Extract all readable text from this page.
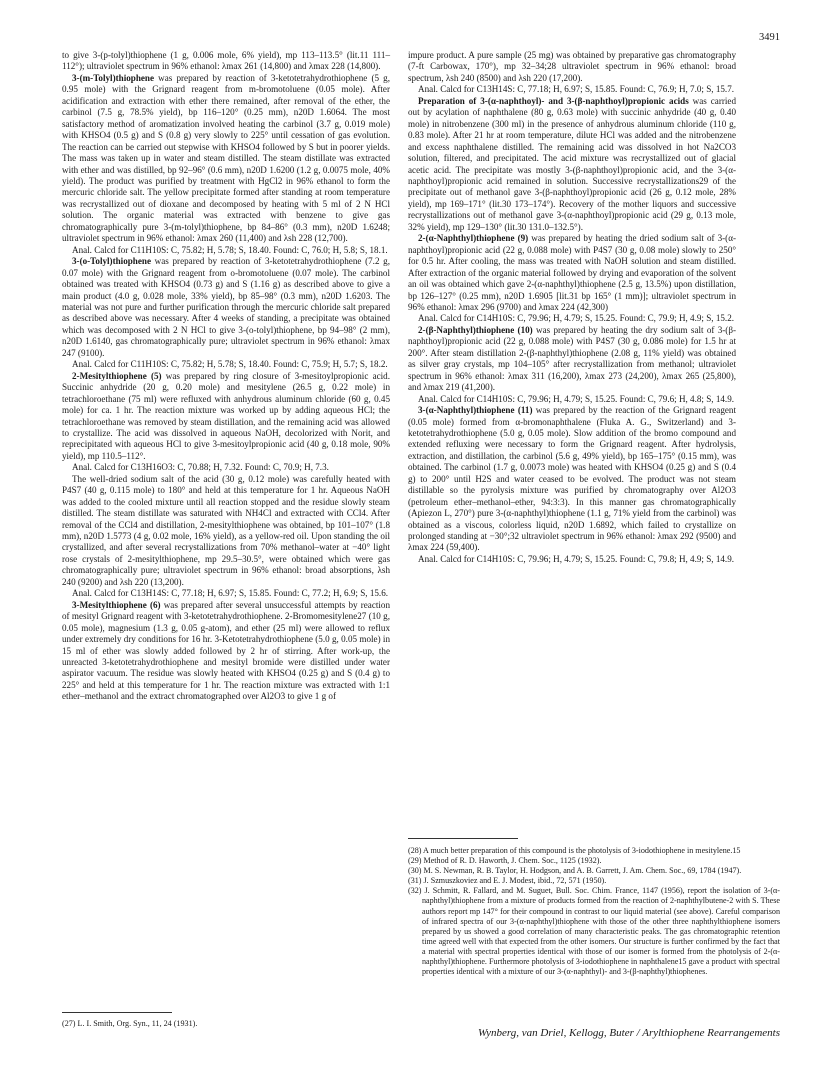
3491

to give 3-(p-tolyl)thiophene (1 g, 0.006 mole, 6% yield), mp 113–113.5° (lit.11 111–112°); ultraviolet spectrum in 96% ethanol: λmax 261 (14,800) and λmax 228 (14,800).

3-(m-Tolyl)thiophene was prepared by reaction of 3-ketotetrahydrothiophene (5 g, 0.95 mole) with the Grignard reagent from m-bromotoluene (0.05 mole). After acidification and extraction with ether there remained, after removal of the ether, the carbinol (7.5 g, 78.5% yield), bp 116–120° (0.25 mm), n20D 1.6064. The most satisfactory method of aromatization involved heating the carbinol (3.7 g, 0.019 mole) with KHSO4 (0.5 g) and S (0.8 g) very slowly to 225° until cessation of gas evolution. The reaction can be carried out stepwise with KHSO4 followed by S but in poorer yields. The mass was taken up in water and steam distilled. The steam distillate was extracted with ether and was distilled, bp 92–96° (0.6 mm), n20D 1.6200 (1.2 g, 0.0075 mole, 40% yield). The product was purified by treatment with HgCl2 in 96% ethanol to form the mercuric chloride salt. The yellow precipitate formed after standing at room temperature was recrystallized out of dioxane and decomposed by heating with 5 ml of 2 N HCl solution. The organic material was extracted with benzene to give gas chromatographically pure 3-(m-tolyl)thiophene, bp 84–86° (0.3 mm), n20D 1.6248; ultraviolet spectrum in 96% ethanol: λmax 260 (11,400) and λsh 228 (12,700).

Anal. Calcd for C11H10S: C, 75.82; H, 5.78; S, 18.40. Found: C, 76.0; H, 5.8; S, 18.1.

3-(o-Tolyl)thiophene was prepared by reaction of 3-ketotetrahydrothiophene (7.2 g, 0.07 mole) with the Grignard reagent from o-bromotoluene (0.07 mole). The carbinol obtained was treated with KHSO4 (0.73 g) and S (1.16 g) as described above to give a main product (4.0 g, 0.028 mole, 33% yield), bp 85–98° (0.3 mm), n20D 1.6203. The material was not pure and further purification through the mercuric chloride salt prepared as described above was necessary. After 4 weeks of standing, a precipitate was obtained which was decomposed with 2 N HCl to give 3-(o-tolyl)thiophene, bp 94–98° (2 mm), n20D 1.6140, gas chromatographically pure; ultraviolet spectrum in 96% ethanol: λmax 247 (9100).

Anal. Calcd for C11H10S: C, 75.82; H, 5.78; S, 18.40. Found: C, 75.9; H, 5.7; S, 18.2.

2-Mesitylthiophene (5) was prepared by ring closure of 3-mesitoylpropionic acid. Succinic anhydride (20 g, 0.20 mole) and mesitylene (26.5 g, 0.22 mole) in tetrachloroethane (75 ml) were refluxed with anhydrous aluminum chloride (60 g, 0.45 mole) for ca. 1 hr. The reaction mixture was worked up by adding aqueous HCl; the tetrachloroethane was removed by steam distillation, and the remaining acid was allowed to crystallize. The acid was dissolved in aqueous NaOH, decolorized with Norit, and reprecipitated with aqueous HCl to give 3-mesitoylpropionic acid (40 g, 0.18 mole, 90% yield), mp 110.5–112°.

Anal. Calcd for C13H16O3: C, 70.88; H, 7.32. Found: C, 70.9; H, 7.3.

The well-dried sodium salt of the acid (30 g, 0.12 mole) was carefully heated with P4S7 (40 g, 0.115 mole) to 180° and held at this temperature for 1 hr. Aqueous NaOH was added to the cooled mixture until all reaction stopped and the residue slowly steam distilled. The steam distillate was saturated with NH4Cl and extracted with CCl4. After removal of the CCl4 and distillation, 2-mesitylthiophene was obtained, bp 101–107° (1.8 mm), n20D 1.5773 (4 g, 0.02 mole, 16% yield), as a yellow-red oil. Upon standing the oil crystallized, and after several recrystallizations from 70% methanol–water at −40° light rose crystals of 2-mesitylthiophene, mp 29.5–30.5°, were obtained which were gas chromatographically pure; ultraviolet spectrum in 96% ethanol: broad absorptions, λsh 240 (9200) and λsh 220 (13,200).

Anal. Calcd for C13H14S: C, 77.18; H, 6.97; S, 15.85. Found: C, 77.2; H, 6.9; S, 15.6.

3-Mesitylthiophene (6) was prepared after several unsuccessful attempts by reaction of mesityl Grignard reagent with 3-ketotetrahydrothiophene. 2-Bromomesitylene27 (10 g, 0.05 mole), magnesium (1.3 g, 0.05 g-atom), and ether (25 ml) were allowed to reflux under extremely dry conditions for 16 hr. 3-Ketotetrahydrothiophene (5.0 g, 0.05 mole) in 15 ml of ether was slowly added followed by 2 hr of stirring. After work-up, the unreacted 3-ketotetrahydrothiophene and mesityl bromide were distilled under water aspirator vacuum. The residue was slowly heated with KHSO4 (0.25 g) and S (0.4 g) to 225° and held at this temperature for 1 hr. The reaction mixture was extracted with 1:1 ether–methanol and the extract chromatographed over Al2O3 to give 1 g of

impure product. A pure sample (25 mg) was obtained by preparative gas chromatography (7-ft Carbowax, 170°), mp 32–34;28 ultraviolet spectrum in 96% ethanol: broad spectrum, λsh 240 (8500) and λsh 220 (17,200).

Anal. Calcd for C13H14S: C, 77.18; H, 6.97; S, 15.85. Found: C, 76.9; H, 7.0; S, 15.7.

Preparation of 3-(α-naphthoyl)- and 3-(β-naphthoyl)propionic acids was carried out by acylation of naphthalene (80 g, 0.63 mole) with succinic anhydride (40 g, 0.40 mole) in nitrobenzene (300 ml) in the presence of anhydrous aluminum chloride (110 g, 0.83 mole). After 21 hr at room temperature, dilute HCl was added and the nitrobenzene and excess naphthalene distilled. The remaining acid was dissolved in hot Na2CO3 solution, filtered, and precipitated. The acid mixture was recrystallized out of glacial acetic acid. The precipitate was mostly 3-(β-naphthoyl)propionic acid, and the 3-(α-naphthoyl)propionic acid remained in solution. Successive recrystallizations29 of the precipitate out of methanol gave 3-(β-naphthoyl)propionic acid (26 g, 0.12 mole, 28% yield), mp 169–171° (lit.30 173–174°). Recovery of the mother liquors and successive recrystallizations out of methanol gave 3-(α-naphthoyl)propionic acid (29 g, 0.13 mole, 32% yield), mp 129–130° (lit.30 131.0–132.5°).

2-(α-Naphthyl)thiophene (9) was prepared by heating the dried sodium salt of 3-(α-naphthoyl)propionic acid (22 g, 0.088 mole) with P4S7 (30 g, 0.08 mole) slowly to 250° for 0.5 hr. After cooling, the mass was treated with NaOH solution and steam distilled. After extraction of the organic material followed by drying and evaporation of the solvent an oil was obtained which gave 2-(α-naphthyl)thiophene (2.5 g, 13.5%) upon distillation, bp 126–127° (0.25 mm), n20D 1.6905 [lit.31 bp 165° (1 mm)]; ultraviolet spectrum in 96% ethanol: λmax 296 (9700) and λmax 224 (42,300)

Anal. Calcd for C14H10S: C, 79.96; H, 4.79; S, 15.25. Found: C, 79.9; H, 4.9; S, 15.2.

2-(β-Naphthyl)thiophene (10) was prepared by heating the dry sodium salt of 3-(β-naphthoyl)propionic acid (22 g, 0.088 mole) with P4S7 (30 g, 0.086 mole) for 1.5 hr at 200°. After steam distillation 2-(β-naphthyl)thiophene (2.08 g, 11% yield) was obtained as silver gray crystals, mp 104–105° after recrystallization from methanol; ultraviolet spectrum in 96% ethanol: λmax 311 (16,200), λmax 273 (24,200), λmax 265 (25,800), and λmax 219 (41,200).

Anal. Calcd for C14H10S: C, 79.96; H, 4.79; S, 15.25. Found: C, 79.6; H, 4.8; S, 14.9.

3-(α-Naphthyl)thiophene (11) was prepared by the reaction of the Grignard reagent (0.05 mole) formed from α-bromonaphthalene (Fluka A. G., Switzerland) and 3-ketotetrahydrothiophene (5.0 g, 0.05 mole). Slow addition of the bromo compound and extended refluxing were necessary to form the Grignard reagent. After hydrolysis, extraction, and distillation, the carbinol (5.6 g, 49% yield), bp 165–175° (0.15 mm), was obtained. The carbinol (1.7 g, 0.0073 mole) was heated with KHSO4 (0.25 g) and S (0.4 g) to 200° until H2S and water ceased to be evolved. The product was not steam distillable so the pyrolysis mixture was purified by chromatography over Al2O3 (petroleum ether–methanol–ether, 94:3:3). In this manner gas chromatographically (Apiezon L, 270°) pure 3-(α-naphthyl)thiophene (1.1 g, 71% yield from the carbinol) was obtained as a viscous, colorless liquid, n20D 1.6892, which failed to crystallize on prolonged standing at −30°;32 ultraviolet spectrum in 96% ethanol: λmax 292 (9500) and λmax 224 (59,400).

Anal. Calcd for C14H10S: C, 79.96; H, 4.79; S, 15.25. Found: C, 79.8; H, 4.9; S, 14.9.

(27) L. I. Smith, Org. Syn., 11, 24 (1931).

(28) A much better preparation of this compound is the photolysis of 3-iodothiophene in mesitylene.15

(29) Method of R. D. Haworth, J. Chem. Soc., 1125 (1932).

(30) M. S. Newman, R. B. Taylor, H. Hodgson, and A. B. Garrett, J. Am. Chem. Soc., 69, 1784 (1947).

(31) J. Szmuszkoviez and E. J. Modest, ibid., 72, 571 (1950).

(32) J. Schmitt, R. Fallard, and M. Suguet, Bull. Soc. Chim. France, 1147 (1956), report the isolation of 3-(α-naphthyl)thiophene from a mixture of products formed from the reaction of 2-naphthylbutene-2 with S. These authors report mp 147° for their compound in contrast to our liquid material (see above). Careful comparison of infrared spectra of our 3-(α-naphthyl)thiophene with those of the other three naphthylthiophene isomers prepared by us showed a good correlation of many characteristic peaks. The gas chromatographic retention time agreed well with that expected from the other isomers. Our structure is further confirmed by the fact that a material with spectral properties identical with those of our isomer is formed from the photolysis of 2-(α-naphthyl)thiophene. Furthermore photolysis of 3-iodothiophene in naphthalene15 gave a product with spectral properties identical with a mixture of our 3-(α-naphthyl)- and 3-(β-naphthyl)thiophenes.

Wynberg, van Driel, Kellogg, Buter / Arylthiophene Rearrangements
